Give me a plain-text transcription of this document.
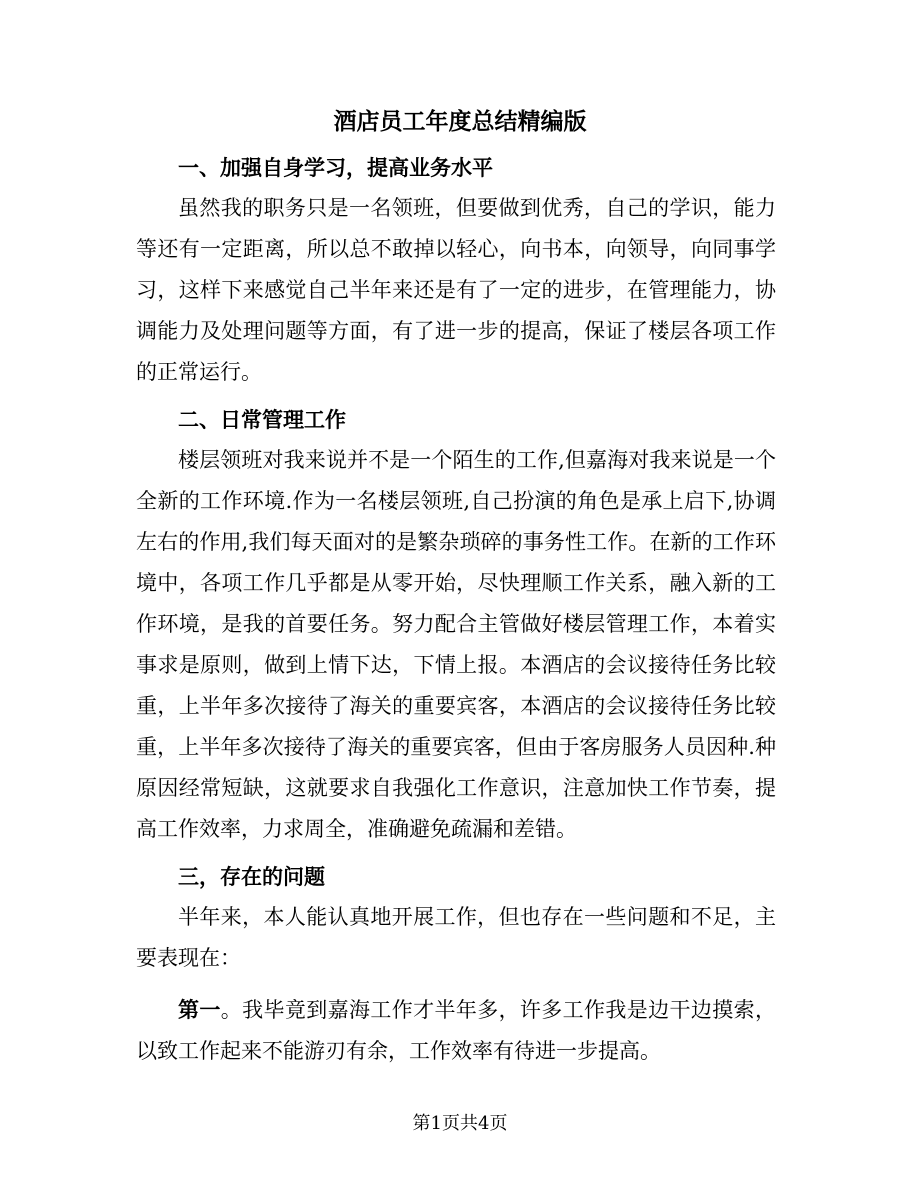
酒店员工年度总结精编版

一、加强自身学习，提高业务水平

虽然我的职务只是一名领班，但要做到优秀，自己的学识，能力等还有一定距离，所以总不敢掉以轻心，向书本，向领导，向同事学习，这样下来感觉自己半年来还是有了一定的进步，在管理能力，协调能力及处理问题等方面，有了进一步的提高，保证了楼层各项工作的正常运行。

二、日常管理工作

楼层领班对我来说并不是一个陌生的工作,但嘉海对我来说是一个全新的工作环境.作为一名楼层领班,自己扮演的角色是承上启下,协调左右的作用,我们每天面对的是繁杂琐碎的事务性工作。在新的工作环境中，各项工作几乎都是从零开始，尽快理顺工作关系，融入新的工作环境，是我的首要任务。努力配合主管做好楼层管理工作，本着实事求是原则，做到上情下达，下情上报。本酒店的会议接待任务比较重，上半年多次接待了海关的重要宾客，本酒店的会议接待任务比较重，上半年多次接待了海关的重要宾客，但由于客房服务人员因种.种原因经常短缺，这就要求自我强化工作意识，注意加快工作节奏，提高工作效率，力求周全，准确避免疏漏和差错。

三，存在的问题

半年来，本人能认真地开展工作，但也存在一些问题和不足，主要表现在：

第一。我毕竟到嘉海工作才半年多，许多工作我是边干边摸索，以致工作起来不能游刃有余，工作效率有待进一步提高。

第1页共4页
